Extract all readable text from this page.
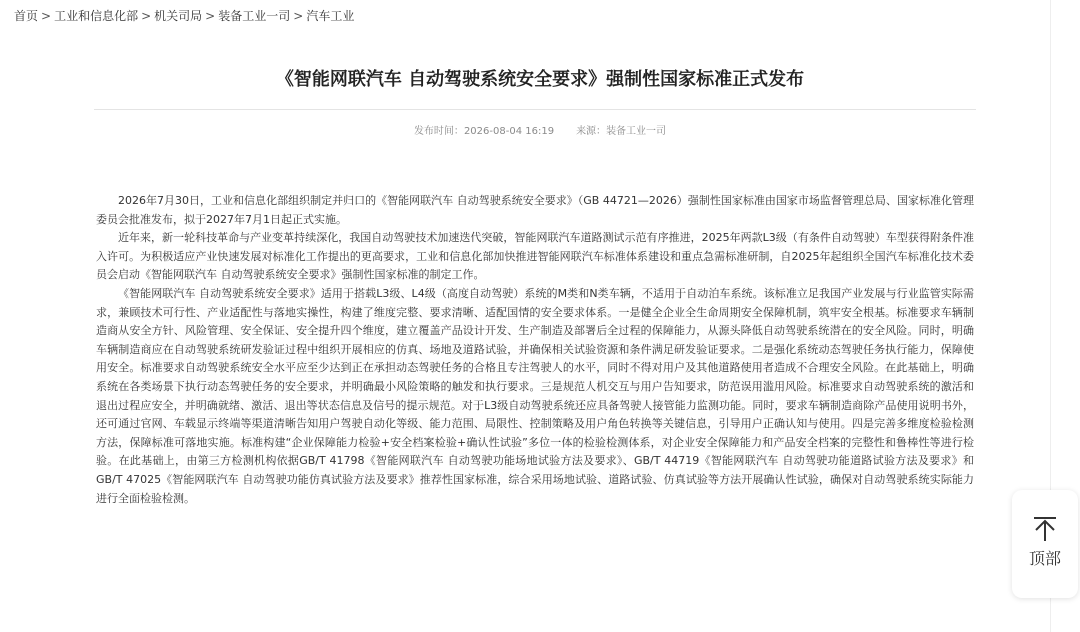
首页 > 工业和信息化部 > 机关司局 > 装备工业一司 > 汽车工业
《智能网联汽车 自动驾驶系统安全要求》强制性国家标准正式发布
发布时间：2026-08-04 16:19 来源：装备工业一司

2026年7月30日，工业和信息化部组织制定并归口的《智能网联汽车 自动驾驶系统安全要求》（GB 44721—2026）强制性国家标准由国家市场监督管理总局、国家标准化管理委员会批准发布，拟于2027年7月1日起正式实施。

近年来，新一轮科技革命与产业变革持续深化，我国自动驾驶技术加速迭代突破，智能网联汽车道路测试示范有序推进，2025年两款L3级（有条件自动驾驶）车型获得附条件准入许可。为积极适应产业快速发展对标准化工作提出的更高要求，工业和信息化部加快推进智能网联汽车标准体系建设和重点急需标准研制，自2025年起组织全国汽车标准化技术委员会启动《智能网联汽车 自动驾驶系统安全要求》强制性国家标准的制定工作。

《智能网联汽车 自动驾驶系统安全要求》适用于搭载L3级、L4级（高度自动驾驶）系统的M类和N类车辆，不适用于自动泊车系统。该标准立足我国产业发展与行业监管实际需求，兼顾技术可行性、产业适配性与落地实操性，构建了维度完整、要求清晰、适配国情的安全要求体系。一是健全企业全生命周期安全保障机制，筑牢安全根基。标准要求车辆制造商从安全方针、风险管理、安全保证、安全提升四个维度，建立覆盖产品设计开发、生产制造及部署后全过程的保障能力，从源头降低自动驾驶系统潜在的安全风险。同时，明确车辆制造商应在自动驾驶系统研发验证过程中组织开展相应的仿真、场地及道路试验，并确保相关试验资源和条件满足研发验证要求。二是强化系统动态驾驶任务执行能力，保障使用安全。标准要求自动驾驶系统安全水平应至少达到正在承担动态驾驶任务的合格且专注驾驶人的水平，同时不得对用户及其他道路使用者造成不合理安全风险。在此基础上，明确系统在各类场景下执行动态驾驶任务的安全要求，并明确最小风险策略的触发和执行要求。三是规范人机交互与用户告知要求，防范误用滥用风险。标准要求自动驾驶系统的激活和退出过程应安全，并明确就绪、激活、退出等状态信息及信号的提示规范。对于L3级自动驾驶系统还应具备驾驶人接管能力监测功能。同时，要求车辆制造商除产品使用说明书外，还可通过官网、车载显示终端等渠道清晰告知用户驾驶自动化等级、能力范围、局限性、控制策略及用户角色转换等关键信息，引导用户正确认知与使用。四是完善多维度检验检测方法，保障标准可落地实施。标准构建“企业保障能力检验+安全档案检验+确认性试验”多位一体的检验检测体系，对企业安全保障能力和产品安全档案的完整性和鲁棒性等进行检验。在此基础上，由第三方检测机构依据GB/T 41798《智能网联汽车 自动驾驶功能场地试验方法及要求》、GB/T 44719《智能网联汽车 自动驾驶功能道路试验方法及要求》和GB/T 47025《智能网联汽车 自动驾驶功能仿真试验方法及要求》推荐性国家标准，综合采用场地试验、道路试验、仿真试验等方法开展确认性试验，确保对自动驾驶系统实际能力进行全面检验检测。

顶部
